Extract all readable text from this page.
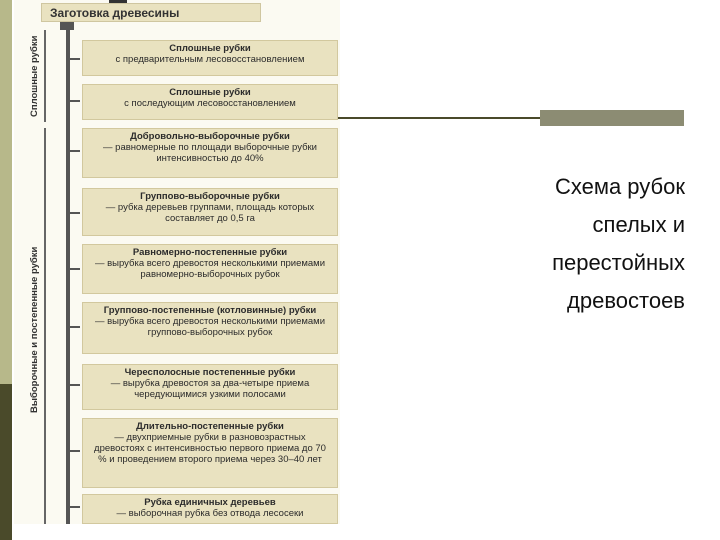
Заготовка древесины
Сплошные рубки
Выборочные и постепенные рубки
Сплошные рубки
с предварительным лесовосстановлением
Сплошные рубки
с последующим лесовосстановлением
Добровольно-выборочные рубки
— равномерные по площади выборочные рубки интенсивностью до 40%
Группово-выборочные рубки
— рубка деревьев группами, площадь которых составляет до 0,5 га
Равномерно-постепенные рубки
— вырубка всего древостоя несколькими приемами равномерно-выборочных рубок
Группово-постепенные (котловинные) рубки
— вырубка всего древостоя несколькими приемами группово-выборочных рубок
Чересполосные постепенные рубки
— вырубка древостоя за два-четыре приема чередующимися узкими полосами
Длительно-постепенные рубки
— двухприемные рубки в разновозрастных древостоях с интенсивностью первого приема до 70 % и проведением второго приема через 30–40 лет
Рубка единичных деревьев
— выборочная рубка без отвода лесосеки
Схема рубок
спелых и
перестойных
древостоев
